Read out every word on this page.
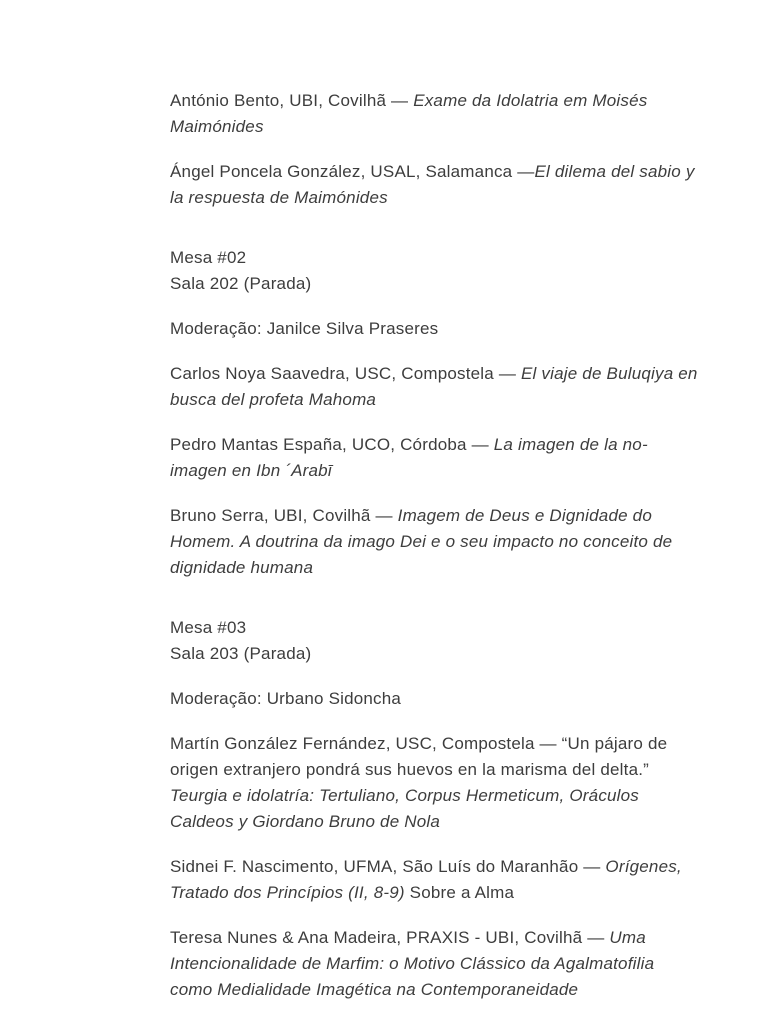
António Bento, UBI, Covilhã — Exame da Idolatria em Moisés Maimónides

Ángel Poncela González, USAL, Salamanca —El dilema del sabio y la respuesta de Maimónides

Mesa #02
Sala 202 (Parada)

Moderação: Janilce Silva Praseres

Carlos Noya Saavedra, USC, Compostela — El viaje de Buluqiya en busca del profeta Mahoma

Pedro Mantas España, UCO, Córdoba — La imagen de la no-imagen en Ibn ´Arabī

Bruno Serra, UBI, Covilhã — Imagem de Deus e Dignidade do Homem. A doutrina da imago Dei e o seu impacto no conceito de dignidade humana

Mesa #03
Sala 203 (Parada)

Moderação: Urbano Sidoncha

Martín González Fernández, USC, Compostela — “Un pájaro de origen extranjero pondrá sus huevos en la marisma del delta.” Teurgia e idolatría: Tertuliano, Corpus Hermeticum, Oráculos Caldeos y Giordano Bruno de Nola

Sidnei F. Nascimento, UFMA, São Luís do Maranhão — Orígenes, Tratado dos Princípios (II, 8-9) Sobre a Alma

Teresa Nunes & Ana Madeira, PRAXIS - UBI, Covilhã — Uma Intencionalidade de Marfim: o Motivo Clássico da Agalmatofilia como Medialidade Imagética na Contemporaneidade
